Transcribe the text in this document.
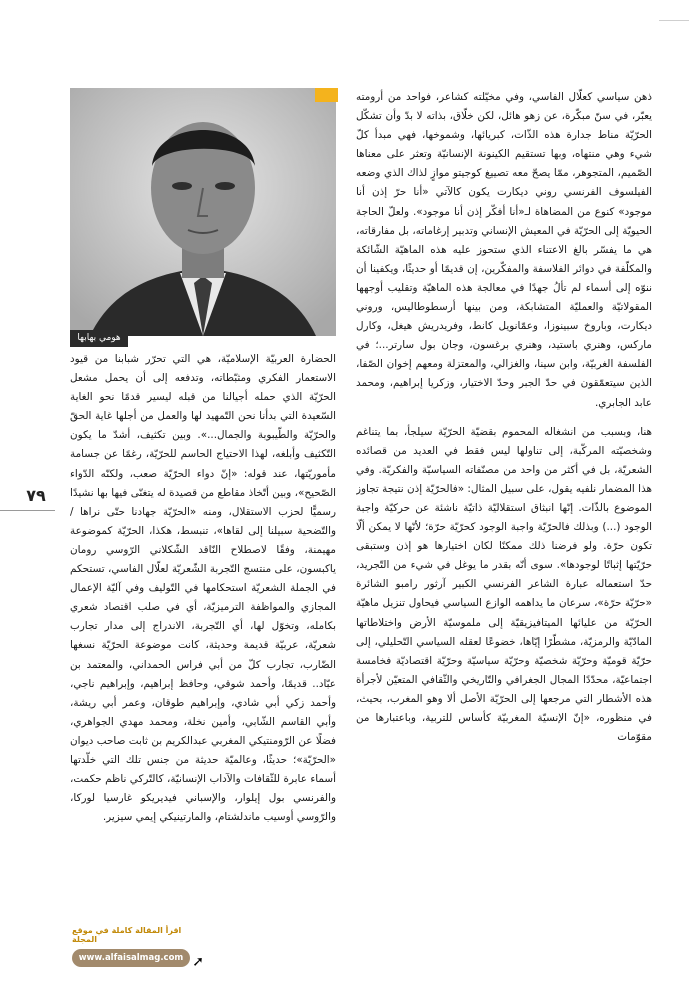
ذهن سياسي كعلّال الفاسي، وفي مخيّلته كشاعر، فواحد من أرومته يعبّر، في سنّ مبكّرة، عن زهو هائل، لكن خلّاق، بذاته لا بدّ وأن تشكّل الحرّيّة مناط جدارة هذه الذّات، كبريائها، وشموخها، فهي مبدأ كلّ شيء وهي منتهاه، وبها تستقيم الكينونة الإنسانيّة وتعثر على معناها الصّميم، المتجوهر، ممّا يصحّ معه تصييغ كوجيتو موازٍ لذاك الذي وضعه الفيلسوف الفرنسي روني ديكارت يكون كالآتي «أنا حرّ إذن أنا موجود» كنوع من المضاهاة لـ«أنا أفكّر إذن أنا موجود». ولعلّ الحاجة الحيويّة إلى الحرّيّة في المعيش الإنساني وتدبير إرغاماته، بل مفارقاته، هي ما يفسّر بالغ الاعتناء الذي ستحوز عليه هذه الماهيّة الشّائكة والمكلّفة في دوائر الفلاسفة والمفكّرين، إن قديمًا أو حديثًا، ويكفينا أن ننوّه إلى أسماء لم تألُ جهدًا في معالجة هذه الماهيّة وتقليب أوجهها المقولاتيّة والعمليّة المتشابكة، ومن بينها أرسطوطاليس، وروني ديكارت، وباروخ سبينوزا، وعمّانويل كانط، وفريدريش هيغل، وكارل ماركس، وهنري باستيد، وهنري برغسون، وجان بول سارتر...؛ في الفلسفة الغربيّة، وابن سينا، والغزالي، والمعتزلة ومعهم إخوان الصّفا، الذين سيتعمّقون في حدّ الجبر وحدّ الاختيار، وزكريا إبراهيم، ومحمد عابد الجابري.

هنا، وبسبب من انشغاله المحموم بقضيّة الحرّيّة سيلجأ، بما يتناغم وشخصيّته المركّبة، إلى تناولها ليس فقط في العديد من قصائده الشعريّة، بل في أكثر من واحد من مصنّفاته السياسيّة والفكريّة. وفي هذا المضمار نلفيه يقول، على سبيل المثال: «فالحرّيّة إذن نتيجة تجاوز الموضوع بالذّات. إنّها انبثاق استقلاليّة ذاتيّة ناشئة عن حركيّة واجبة الوجود (...) وبذلك فالحرّيّة واجبة الوجود كحرّيّة حرّة؛ لأنّها لا يمكن ألّا تكون حرّة. ولو فرضنا ذلك ممكنًا لكان اختيارها هو إذن وستبقى حرّيّتها إثباتًا لوجودها». سوى أنّه بقدر ما يوغل في شيء من التّجريد، حدّ استعماله عبارة الشاعر الفرنسي الكبير آرثور رامبو الشائرة «حرّيّة حرّة»، سرعان ما يداهمه الوازع السياسي فيحاول تنزيل ماهيّة الحرّيّة من عليائها الميتافيزيقيّة إلى ملموسيّة الأرض واختلاطاتها المادّيّة والرمزيّة، مشطّرًا إيّاها، خضوعًا لعقله السياسي التّحليلي، إلى حرّيّة قوميّة وحرّيّة شخصيّة وحرّيّة سياسيّة وحرّيّة اقتصاديّة فخامسة اجتماعيّة، محدّدًا المجال الجغرافي والتّاريخي والثّقافي المتعيّن لأجرأة هذه الأشطار التي مرجعها إلى الحرّيّة الأصل ألا وهو المغرب، بحيث، في منظوره، «إنّ الإنسيّة المغربيّة كأساس للتربية، وباعتبارها من مقوّمات

هومي بهابها

الحضارة العربيّة الإسلاميّة، هي التي تحرّر شبابنا من قيود الاستعمار الفكري ومثبّطاته، وتدفعه إلى أن يحمل مشعل الحرّيّة الذي حمله أجيالنا من قبله ليسير قدمًا نحو الغاية السّعيدة التي بدأنا نحن التّمهيد لها والعمل من أجلها غاية الحقّ والحرّيّة والطّيبوبة والجمال...». وبين تكثيف، أشدّ ما يكون التّكثيف وأبلغه، لهذا الاحتياج الحاسم للحرّيّة، رغمًا عن جسامة مأموريّتها، عند قوله: «إنّ دواء الحرّيّة صعب، ولكنّه الدّواء الصّحيح»، وبين أتّخاذ مقاطع من قصيدة له يتغنّى فيها بها نشيدًا رسميًّا لحزب الاستقلال، ومنه «الحرّيّة جهادنا حتّى نراها / والتّضحية سبيلنا إلى لقاها»، تنبسط، هكذا، الحرّيّة كموضوعة مهيمنة، وفقًا لاصطلاح النّاقد الشّكلاني الرّوسي رومان ياكبسون، على منتسج التّجربة الشّعريّة لعلّال الفاسي، تستحكم في الجملة الشعريّة استحكامها في التّوليف وفي آليّة الإعمال المجازي والمواظفة الترميزيّة، أي في صلب اقتصاد شعري بكامله، وتخوّل لها، أي التّجربة، الاندراج إلى مدار تجارب شعريّة، عربيّة قديمة وحديثة، كانت موضوعة الحرّيّة نسغها الضّارب، تجارب كلّ من أبي فراس الحمداني، والمعتمد بن عبّاد.. قديمًا، وأحمد شوقي، وحافظ إبراهيم، وإبراهيم ناجي، وأحمد زكي أبي شادي، وإبراهيم طوقان، وعمر أبي ريشة، وأبي القاسم الشّابي، وأمين نخلة، ومحمد مهدي الجواهري، فضلًا عن الرّومنتيكي المغربي عبدالكريم بن ثابت صاحب ديوان «الحرّيّة»؛ حديثًا، وعالميّة حديثة من جنس تلك التي خلّدتها أسماء عابرة للثّقافات والآداب الإنسانيّة، كالتّركي ناظم حكمت، والفرنسي بول إيلوار، والإسباني فيديريكو غارسيا لوركا، والرّوسي أوسيب ماندلشتام، والمارتينيكي إيمي سيزير.

٧٩
اقرأ المقالة كاملة في موقع المجلة
www.alfaisalmag.com ➚
